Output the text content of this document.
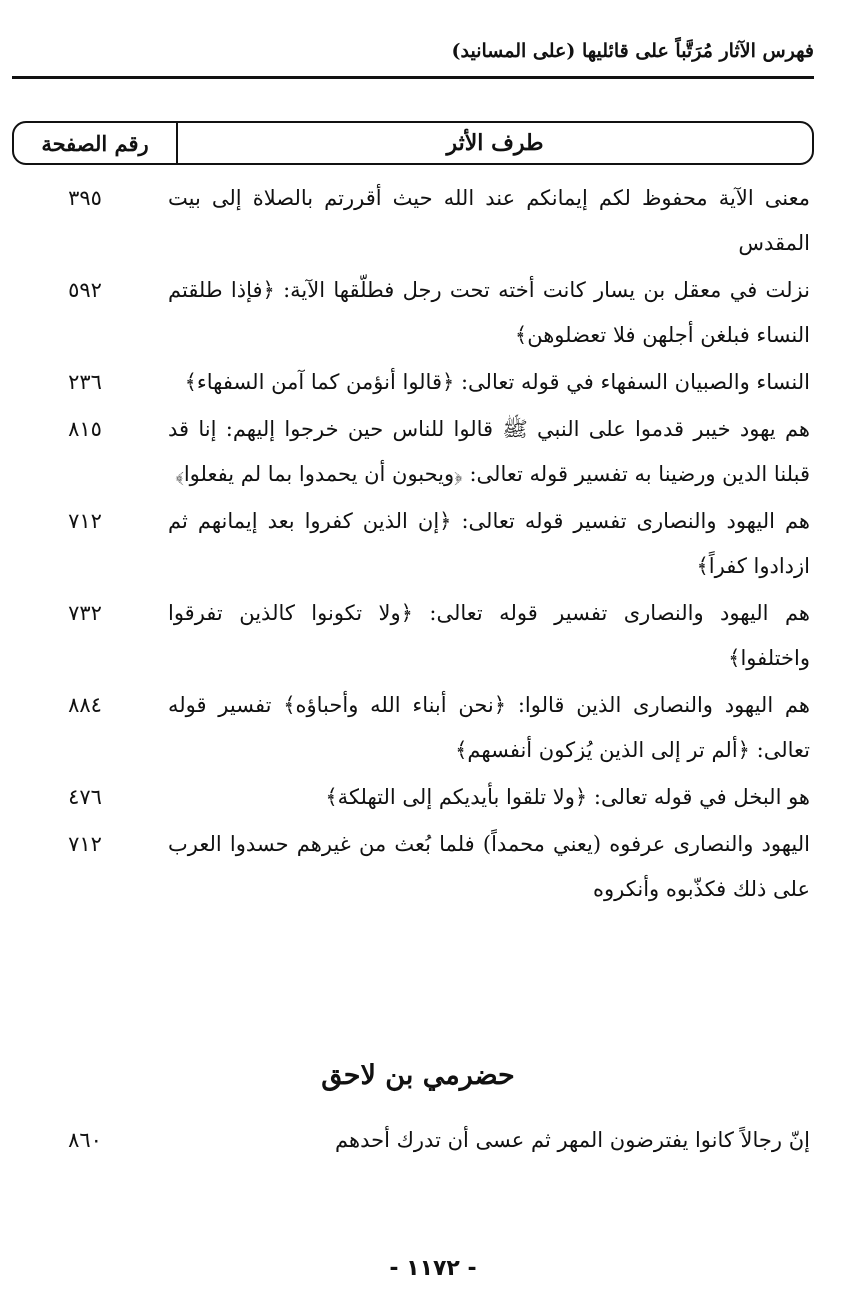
فهرس الآثار مُرَتَّباً على قائليها (على المسانيد)
طرف الأثر
رقم الصفحة
معنى الآية محفوظ لكم إيمانكم عند الله حيث أقررتم بالصلاة إلى بيت المقدس
٣٩٥
نزلت في معقل بن يسار كانت أخته تحت رجل فطلّقها الآية: ﴿فإذا طلقتم النساء فبلغن أجلهن فلا تعضلوهن﴾
٥٩٢
النساء والصبيان السفهاء في قوله تعالى: ﴿قالوا أنؤمن كما آمن السفهاء﴾
٢٣٦
هم يهود خيبر قدموا على النبي ﷺ قالوا للناس حين خرجوا إليهم: إنا قد قبلنا الدين ورضينا به تفسير قوله تعالى: ﴿ويحبون أن يحمدوا بما لم يفعلوا﴾
٨١٥
هم اليهود والنصارى تفسير قوله تعالى: ﴿إن الذين كفروا بعد إيمانهم ثم ازدادوا كفراً﴾
٧١٢
هم اليهود والنصارى تفسير قوله تعالى: ﴿ولا تكونوا كالذين تفرقوا واختلفوا﴾
٧٣٢
هم اليهود والنصارى الذين قالوا: ﴿نحن أبناء الله وأحباؤه﴾ تفسير قوله تعالى: ﴿ألم تر إلى الذين يُزكون أنفسهم﴾
٨٨٤
هو البخل في قوله تعالى: ﴿ولا تلقوا بأيديكم إلى التهلكة﴾
٤٧٦
اليهود والنصارى عرفوه (يعني محمداً) فلما بُعث من غيرهم حسدوا العرب على ذلك فكذّبوه وأنكروه
٧١٢
حضرمي بن لاحق
إنّ رجالاً كانوا يفترضون المهر ثم عسى أن تدرك أحدهم
٨٦٠
- ١١٧٢ -
